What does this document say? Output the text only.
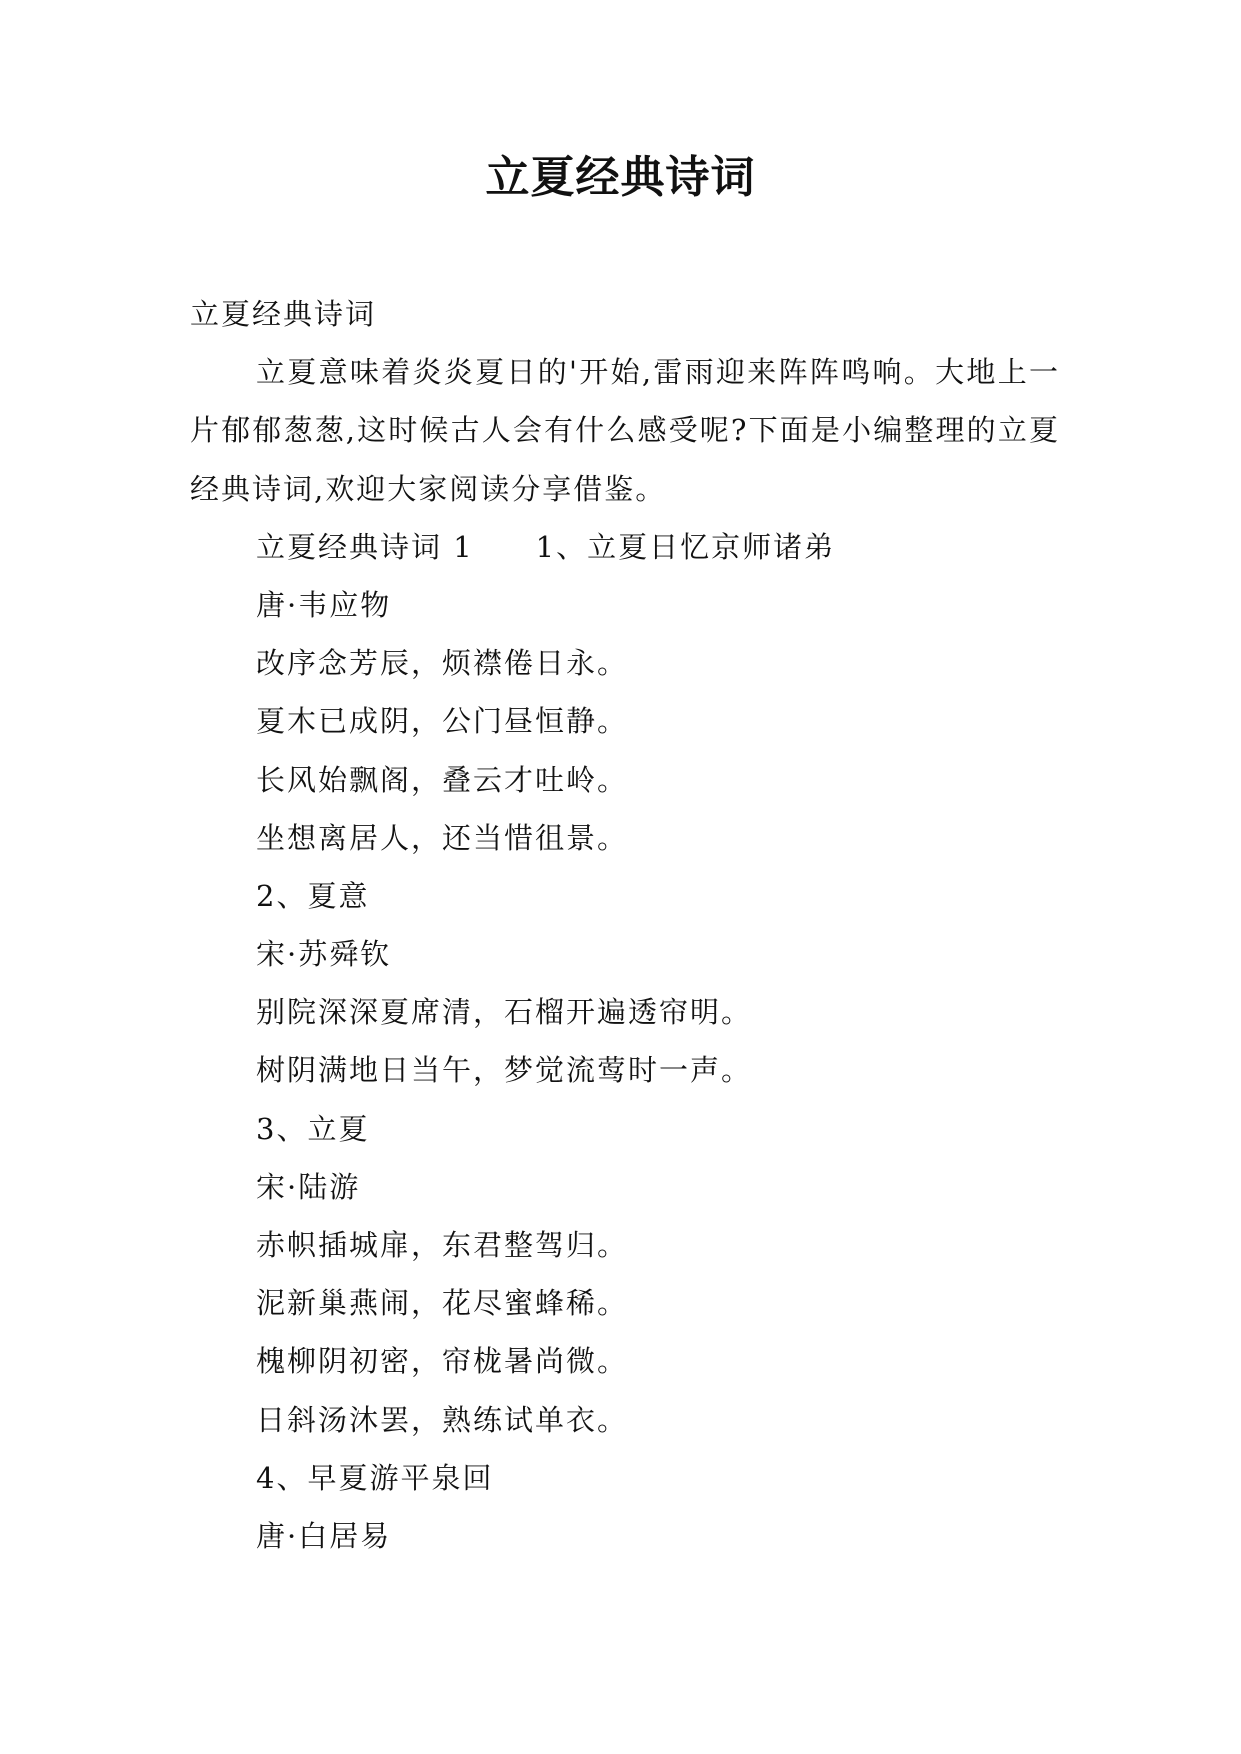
立夏经典诗词
立夏经典诗词

立夏意味着炎炎夏日的'开始,雷雨迎来阵阵鸣响。大地上一片郁郁葱葱,这时候古人会有什么感受呢?下面是小编整理的立夏经典诗词,欢迎大家阅读分享借鉴。

立夏经典诗词 1 1、立夏日忆京师诸弟
唐·韦应物
改序念芳辰，烦襟倦日永。
夏木已成阴，公门昼恒静。
长风始飘阁，叠云才吐岭。
坐想离居人，还当惜徂景。
2、夏意
宋·苏舜钦
别院深深夏席清，石榴开遍透帘明。
树阴满地日当午，梦觉流莺时一声。
3、立夏
宋·陆游
赤帜插城扉，东君整驾归。
泥新巢燕闹，花尽蜜蜂稀。
槐柳阴初密，帘栊暑尚微。
日斜汤沐罢，熟练试单衣。
4、早夏游平泉回
唐·白居易
